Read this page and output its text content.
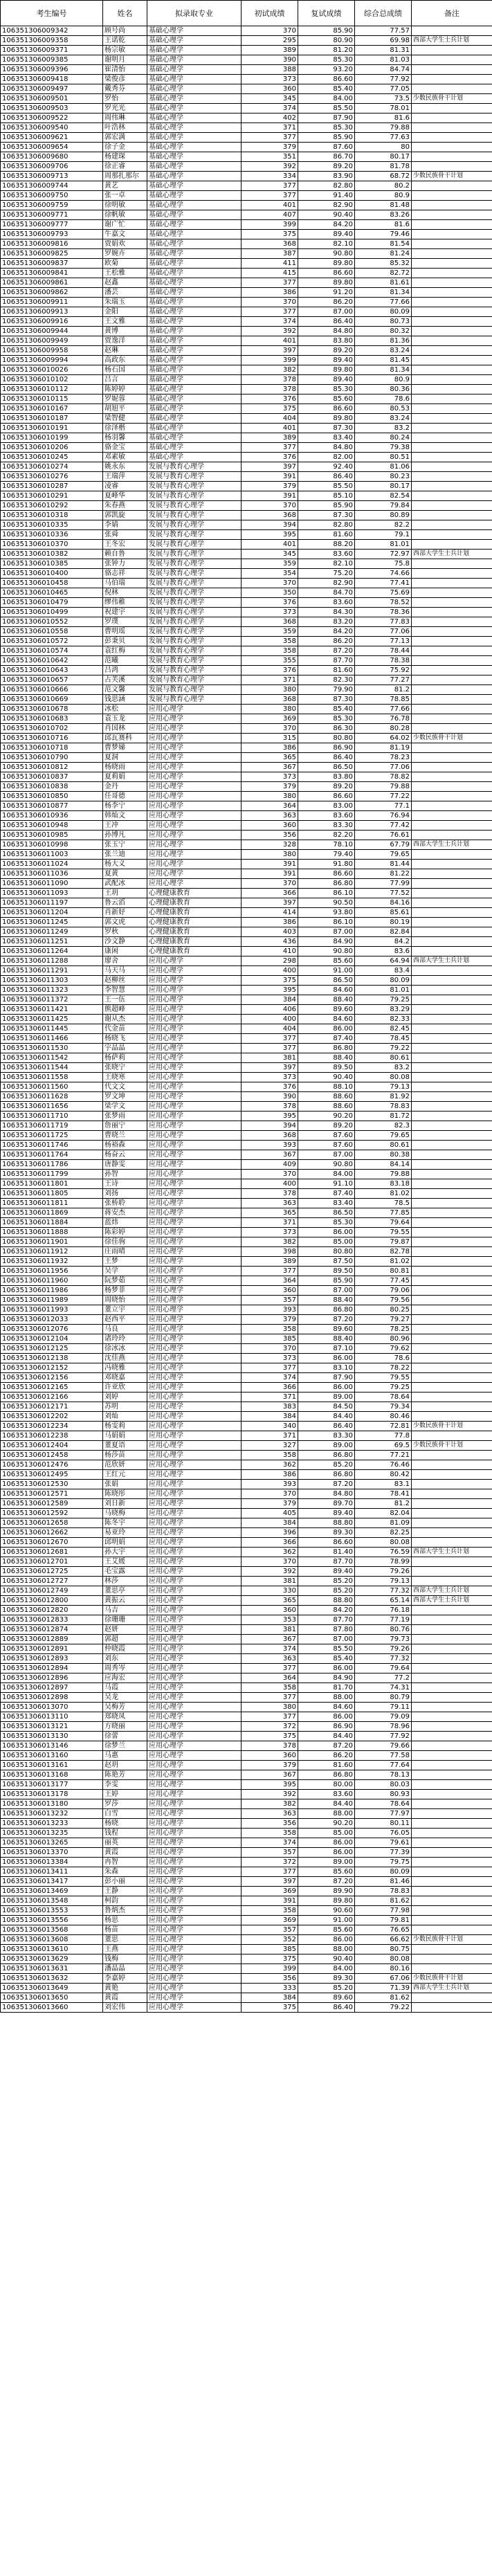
考生编号	姓名	拟录取专业	初试成绩	复试成绩	综合总成绩	备注
106351306009342	顾号尚	基础心理学	370	85.90	77.57	
106351306009358	王诺乾	基础心理学	295	80.90	69.98	西部大学生士兵计划
106351306009371	杨宗敏	基础心理学	389	81.20	81.31	
106351306009385	谢明月	基础心理学	390	85.30	81.03	
106351306009396	崔清怡	基础心理学	388	93.20	84.74	
106351306009418	梁俊彦	基础心理学	373	86.60	77.92	
106351306009497	戴秀芬	基础心理学	360	85.40	77.05	
106351306009501	罗怡	基础心理学	345	84.00	73.5	少数民族骨干计划
106351306009503	罗光光	基础心理学	374	85.50	78.01	
106351306009522	周伟琳	基础心理学	402	87.90	81.6	
106351306009540	叶浩林	基础心理学	371	85.30	79.88	
106351306009621	郭宏满	基础心理学	377	85.90	77.63	
106351306009654	徐子金	基础心理学	379	87.60	80	
106351306009680	杨建琛	基础心理学	351	86.70	80.17	
106351306009706	徐正睿	基础心理学	392	89.20	81.78	
106351306009713	周那扎那尔	基础心理学	334	83.90	68.72	少数民族骨干计划
106351306009744	黄艺	基础心理学	377	82.80	80.2	
106351306009750	张一卓	基础心理学	377	91.40	80.9	
106351306009759	徐明敏	基础心理学	401	82.90	81.48	
106351306009771	徐帆敏	基础心理学	407	90.40	83.26	
106351306009777	谢广忙	基础心理学	399	84.20	81.6	
106351306009793	牛嘉文	基础心理学	375	89.40	79.46	
106351306009816	贾娟欢	基础心理学	368	82.10	81.54	
106351306009825	罗婉卉	基础心理学	387	90.80	81.24	
106351306009837	欧菊	基础心理学	411	89.80	85.32	
106351306009841	王松雅	基础心理学	415	86.60	82.72	
106351306009861	赵鑫	基础心理学	377	89.80	81.61	
106351306009862	潘芸	基础心理学	386	91.20	81.34	
106351306009911	朱瑞玉	基础心理学	370	86.20	77.66	
106351306009913	金阳	基础心理学	377	87.00	80.09	
106351306009916	王文雅	基础心理学	374	86.40	80.73	
106351306009944	黄博	基础心理学	392	84.80	80.32	
106351306009949	贾逸洋	基础心理学	401	83.80	81.36	
106351306009958	赵琳	基础心理学	397	89.20	83.24	
106351306009994	高政东	基础心理学	399	89.40	81.45	
106351306010026	杨石国	基础心理学	382	89.80	81.34	
106351306010102	吕言	基础心理学	378	89.40	80.9	
106351306010112	陈婷婷	基础心理学	378	85.30	80.36	
106351306010115	罗妮蓉	基础心理学	376	85.60	78.6	
106351306010167	胡旭平	基础心理学	375	86.60	80.53	
106351306010187	梁智健	基础心理学	404	89.80	83.24	
106351306010191	徐泽楷	基础心理学	401	87.30	83.2	
106351306010199	杨羽馨	基础心理学	389	83.40	80.24	
106351306010206	骆金宝	基础心理学	377	84.80	79.38	
106351306010245	邓素敏	基础心理学	376	82.00	80.51	
106351306010274	姚永东	发展与教育心理学	397	92.40	81.06	
106351306010276	王瑞萍	发展与教育心理学	391	86.40	80.23	
106351306010287	凌睿	发展与教育心理学	379	85.50	80.17	
106351306010291	夏峰华	发展与教育心理学	391	85.10	82.54	
106351306010292	朱春燕	发展与教育心理学	370	85.90	79.84	
106351306010318	郭凯旋	发展与教育心理学	368	87.30	80.89	
106351306010335	李婧	发展与教育心理学	394	82.80	82.2	
106351306010336	张舜	发展与教育心理学	395	81.60	79.1	
106351306010370	王冬宏	发展与教育心理学	401	88.20	81.01	
106351306010382	赖自鲁	发展与教育心理学	345	83.60	72.97	西部大学生士兵计划
106351306010385	张钟力	发展与教育心理学	359	82.10	75.8	
106351306010400	骆志祥	发展与教育心理学	354	75.20	74.66	
106351306010458	马伯瑞	发展与教育心理学	370	82.90	77.41	
106351306010465	倪林	发展与教育心理学	350	84.70	75.69	
106351306010479	缪伟稚	发展与教育心理学	376	83.60	78.52	
106351306010499	祝建宇	发展与教育心理学	373	84.30	78.36	
106351306010552	罗璞	发展与教育心理学	368	83.20	77.83	
106351306010558	曹明瑶	发展与教育心理学	359	84.20	77.06	
106351306010572	彭秉贝	发展与教育心理学	358	86.20	77.13	
106351306010574	袁红梅	发展与教育心理学	358	87.20	78.44	
106351306010642	范曦	发展与教育心理学	355	87.70	78.38	
106351306010643	吕鸿	发展与教育心理学	376	81.60	75.92	
106351306010657	占芙溪	发展与教育心理学	371	82.30	77.27	
106351306010666	范文馨	发展与教育心理学	380	79.90	81.2	
106351306010669	钱思涵	发展与教育心理学	368	87.30	78.85	
106351306010678	冰松	应用心理学	380	85.40	77.66	
106351306010683	袁玉龙	应用心理学	369	85.30	76.78	
106351306010702	肖国林	应用心理学	370	86.30	80.28	
106351306010716	邱瓦赛科	应用心理学	315	80.80	64.02	少数民族骨干计划
106351306010718	曹梦娣	应用心理学	386	86.90	81.19	
106351306010790	夏洞	应用心理学	365	86.40	78.23	
106351306010812	杨晓雨	应用心理学	367	86.50	77.06	
106351306010837	夏莉娟	应用心理学	373	83.80	78.82	
106351306010838	金丹	应用心理学	379	89.20	79.88	
106351306010850	任哥德	应用心理学	380	86.60	77.22	
106351306010877	杨李宁	应用心理学	364	83.00	77.1	
106351306010936	韩灿文	应用心理学	363	83.60	76.94	
106351306010948	王冲	应用心理学	360	83.30	77.42	
106351306010985	孙博凡	应用心理学	356	82.20	76.61	
106351306010998	张玉宁	应用心理学	328	78.10	67.79	西部大学生士兵计划
106351306011003	张兰迪	应用心理学	380	79.40	79.65	
106351306011024	杨大义	应用心理学	391	91.80	81.44	
106351306011036	夏黄	应用心理学	391	86.60	81.22	
106351306011090	武配冰	应用心理学	370	86.80	77.99	
106351306011093	王玥	心理健康教育	366	86.10	77.52	
106351306011197	鲁云滔	心理健康教育	397	90.50	84.16	
106351306011204	肖新妤	心理健康教育	414	93.80	85.61	
106351306011245	郭文虎	心理健康教育	386	86.10	80.19	
106351306011249	罗秋	心理健康教育	403	87.00	82.84	
106351306011251	沙文静	心理健康教育	436	84.90	84.2	
106351306011264	康闲	心理健康教育	410	90.80	83.6	
106351306011288	廖舍	应用心理学	298	85.60	64.94	西部大学生士兵计划
106351306011291	马天马	应用心理学	400	91.00	83.4	
106351306011303	赵柳丝	应用心理学	375	86.50	80.09	
106351306011323	李智慧	应用心理学	395	84.60	81.01	
106351306011372	王一伍	应用心理学	384	88.40	79.25	
106351306011421	熊超峰	应用心理学	406	89.60	83.29	
106351306011425	谢从杰	应用心理学	400	84.60	82.33	
106351306011445	代金苗	应用心理学	404	86.00	82.45	
106351306011466	杨晓飞	应用心理学	377	87.40	78.45	
106351306011530	宇晶晶	应用心理学	377	86.80	79.22	
106351306011542	杨萨莉	应用心理学	381	88.40	80.61	
106351306011544	张晓宁	应用心理学	397	89.50	83.2	
106351306011558	王晓寒	应用心理学	373	90.40	80.08	
106351306011560	代文文	应用心理学	376	88.10	79.13	
106351306011628	罗文坤	应用心理学	390	88.60	81.92	
106351306011656	梁学文	应用心理学	378	88.60	78.83	
106351306011710	张梦雨	应用心理学	395	90.20	81.72	
106351306011719	詹丽宁	应用心理学	394	89.20	82.3	
106351306011725	曹晓兰	应用心理学	368	87.60	79.65	
106351306011746	杨裕森	应用心理学	393	87.60	80.61	
106351306011764	杨奋云	应用心理学	367	87.00	80.38	
106351306011786	唐静雯	应用心理学	409	90.80	84.14	
106351306011799	孙智	应用心理学	370	84.00	79.88	
106351306011801	王诗	应用心理学	400	91.10	83.18	
106351306011805	刘扬	应用心理学	378	87.40	81.02	
106351306011811	张桥聆	应用心理学	363	83.40	78.5	
106351306011869	蒋安杰	应用心理学	365	86.50	77.85	
106351306011884	蓝炜	应用心理学	371	85.30	79.64	
106351306011888	陈彩婷	应用心理学	373	86.00	79.55	
106351306011901	徐佳驹	应用心理学	382	85.00	79.87	
106351306011912	庄雨晴	应用心理学	398	80.80	82.78	
106351306011932	王梦	应用心理学	389	87.50	81.02	
106351306011956	吴学	应用心理学	377	89.50	80.81	
106351306011960	阮梦茹	应用心理学	364	85.90	77.45	
106351306011986	杨梦菲	应用心理学	360	87.00	79.06	
106351306011989	周晓怡	应用心理学	357	88.40	79.56	
106351306011993	董立宇	应用心理学	393	86.80	80.25	
106351306012033	赵西平	应用心理学	379	87.20	79.27	
106351306012076	马良	应用心理学	358	89.60	78.25	
106351306012104	诸玲玲	应用心理学	385	88.40	80.96	
106351306012125	徐冰冰	应用心理学	370	87.10	79.62	
106351306012138	沈佳燕	应用心理学	373	86.00	78.6	
106351306012152	冯晓雅	应用心理学	377	83.10	78.22	
106351306012156	邓晓嘉	应用心理学	374	87.90	79.55	
106351306012165	许亚欣	应用心理学	366	86.00	79.25	
106351306012166	刘婷	应用心理学	371	89.00	78.64	
106351306012171	苏明	应用心理学	383	84.50	79.34	
106351306012202	刘灿	应用心理学	384	84.40	80.46	
106351306012234	杨雯莉	应用心理学	340	86.40	72.81	少数民族骨干计划
106351306012238	马娟娟	应用心理学	371	83.30	77.8	
106351306012404	董夏语	应用心理学	327	89.00	69.5	少数民族骨干计划
106351306012458	杨莎苗	应用心理学	358	86.80	77.21	
106351306012476	范欣妍	应用心理学	362	85.20	76.46	
106351306012495	王红元	应用心理学	386	86.80	80.42	
106351306012530	张娟	应用心理学	393	87.20	83.1	
106351306012571	陈晓彤	应用心理学	370	84.80	78.41	
106351306012589	刘日新	应用心理学	379	89.70	81.2	
106351306012592	马晓梅	应用心理学	405	89.40	82.04	
106351306012658	陈冬宇	应用心理学	384	88.80	81.09	
106351306012662	易亚玲	应用心理学	396	89.30	82.25	
106351306012670	邱明娟	应用心理学	366	86.60	80.08	
106351306012681	孙大宇	应用心理学	362	81.40	76.59	西部大学生士兵计划
106351306012701	王艾媛	应用心理学	370	87.70	78.99	
106351306012725	毛宝露	应用心理学	392	89.40	79.26	
106351306012727	林莎	应用心理学	381	85.20	79.13	
106351306012749	董思亭	应用心理学	330	85.20	77.32	西部大学生士兵计划
106351306012800	黄振云	应用心理学	365	88.80	65.14	西部大学生士兵计划
106351306012820	马吉	应用心理学	360	84.20	76.18	
106351306012833	徐珊珊	应用心理学	353	87.70	77.19	
106351306012874	赵妍	应用心理学	381	87.80	80.76	
106351306012889	郭超	应用心理学	367	87.00	79.73	
106351306012891	仲晓霞	应用心理学	374	85.50	79.26	
106351306012893	刘东	应用心理学	363	85.40	77.32	
106351306012894	周秀岑	应用心理学	377	86.00	79.64	
106351306012896	应海宏	应用心理学	364	84.90	77.2	
106351306012897	马霞	应用心理学	358	81.70	74.31	
106351306012898	吴龙	应用心理学	377	88.00	80.79	
106351306013070	吴梅芳	应用心理学	380	84.60	79.11	
106351306013110	郑晓凤	应用心理学	377	86.00	79.09	
106351306013121	方晓丽	应用心理学	372	86.90	78.96	
106351306013130	徐蕾	应用心理学	375	84.40	77.92	
106351306013146	徐梦兰	应用心理学	378	87.20	79.66	
106351306013160	马惠	应用心理学	360	86.20	77.58	
106351306013161	赵玥	应用心理学	379	81.60	77.64	
106351306013168	陈艳芳	应用心理学	367	86.80	78.13	
106351306013177	李雯	应用心理学	395	80.00	80.03	
106351306013178	王婷	应用心理学	392	83.60	80.93	
106351306013180	罗莎	应用心理学	382	84.40	78.64	
106351306013232	白雪	应用心理学	363	88.00	77.97	
106351306013233	杨晓	应用心理学	356	90.20	80.11	
106351306013235	钱程	应用心理学	358	85.00	76.05	
106351306013265	丽英	应用心理学	374	86.00	79.61	
106351306013370	黄霞	应用心理学	357	86.00	77.39	
106351306013384	冉智	应用心理学	372	89.00	79.75	
106351306013411	朱森	应用心理学	377	85.60	80.09	
106351306013417	彭小丽	应用心理学	397	87.20	81.46	
106351306013469	王静	应用心理学	369	89.90	78.83	
106351306013548	柯韵	应用心理学	391	89.80	81.62	
106351306013553	鲁炳杰	应用心理学	358	90.60	77.98	
106351306013556	杨思	应用心理学	369	91.00	79.81	
106351306013568	杨苗	应用心理学	357	85.60	76.65	
106351306013608	董思	应用心理学	352	86.00	66.62	少数民族骨干计划
106351306013610	王燕	应用心理学	385	88.00	80.75	
106351306013629	钱梅	应用心理学	375	90.40	80.08	
106351306013631	潘晶晶	应用心理学	399	84.00	80.16	
106351306013632	李嘉婷	应用心理学	356	89.30	67.06	少数民族骨干计划
106351306013649	黄艳	应用心理学	333	85.20	71.39	西部大学生士兵计划
106351306013650	黄霞	应用心理学	384	89.60	81.62	
106351306013660	刘宏伟	应用心理学	375	86.40	79.22	
